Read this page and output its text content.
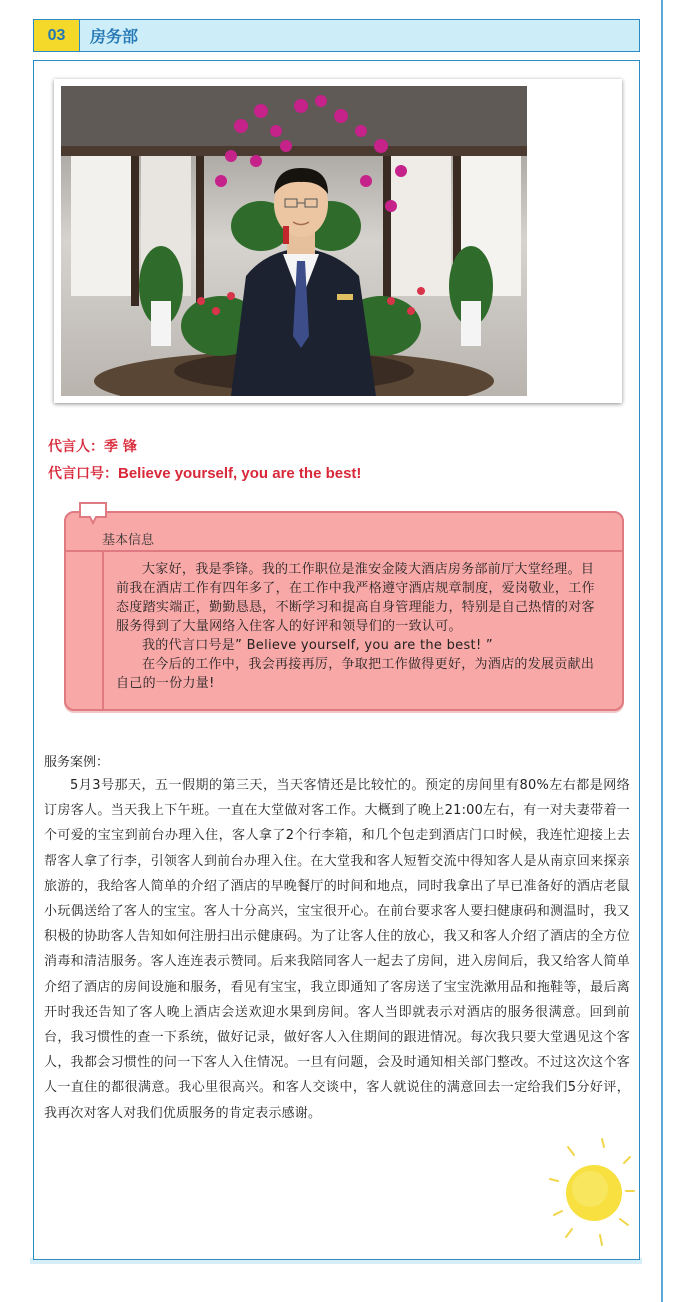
03	房务部
代言人：季 锋
代言口号：Believe yourself, you are the best!
基本信息

大家好，我是季锋。我的工作职位是淮安金陵大酒店房务部前厅大堂经理。目前我在酒店工作有四年多了，在工作中我严格遵守酒店规章制度，爱岗敬业，工作态度踏实端正，勤勤恳恳，不断学习和提高自身管理能力，特别是自己热情的对客服务得到了大量网络入住客人的好评和领导们的一致认可。

我的代言口号是” Believe yourself, you are the best! ”

在今后的工作中，我会再接再厉，争取把工作做得更好，为酒店的发展贡献出自己的一份力量!

服务案例：
5月3号那天，五一假期的第三天，当天客情还是比较忙的。预定的房间里有80%左右都是网络订房客人。当天我上下午班。一直在大堂做对客工作。大概到了晚上21:00左右，有一对夫妻带着一个可爱的宝宝到前台办理入住，客人拿了2个行李箱，和几个包走到酒店门口时候，我连忙迎接上去帮客人拿了行李，引领客人到前台办理入住。在大堂我和客人短暂交流中得知客人是从南京回来探亲旅游的，我给客人简单的介绍了酒店的早晚餐厅的时间和地点，同时我拿出了早已准备好的酒店老鼠小玩偶送给了客人的宝宝。客人十分高兴，宝宝很开心。在前台要求客人要扫健康码和测温时，我又积极的协助客人告知如何注册扫出示健康码。为了让客人住的放心，我又和客人介绍了酒店的全方位消毒和清洁服务。客人连连表示赞同。后来我陪同客人一起去了房间，进入房间后，我又给客人简单介绍了酒店的房间设施和服务，看见有宝宝，我立即通知了客房送了宝宝洗漱用品和拖鞋等，最后离开时我还告知了客人晚上酒店会送欢迎水果到房间。客人当即就表示对酒店的服务很满意。回到前台，我习惯性的查一下系统，做好记录，做好客人入住期间的跟进情况。每次我只要大堂遇见这个客人，我都会习惯性的问一下客人入住情况。一旦有问题，会及时通知相关部门整改。不过这次这个客人一直住的都很满意。我心里很高兴。和客人交谈中，客人就说住的满意回去一定给我们5分好评，我再次对客人对我们优质服务的肯定表示感谢。
